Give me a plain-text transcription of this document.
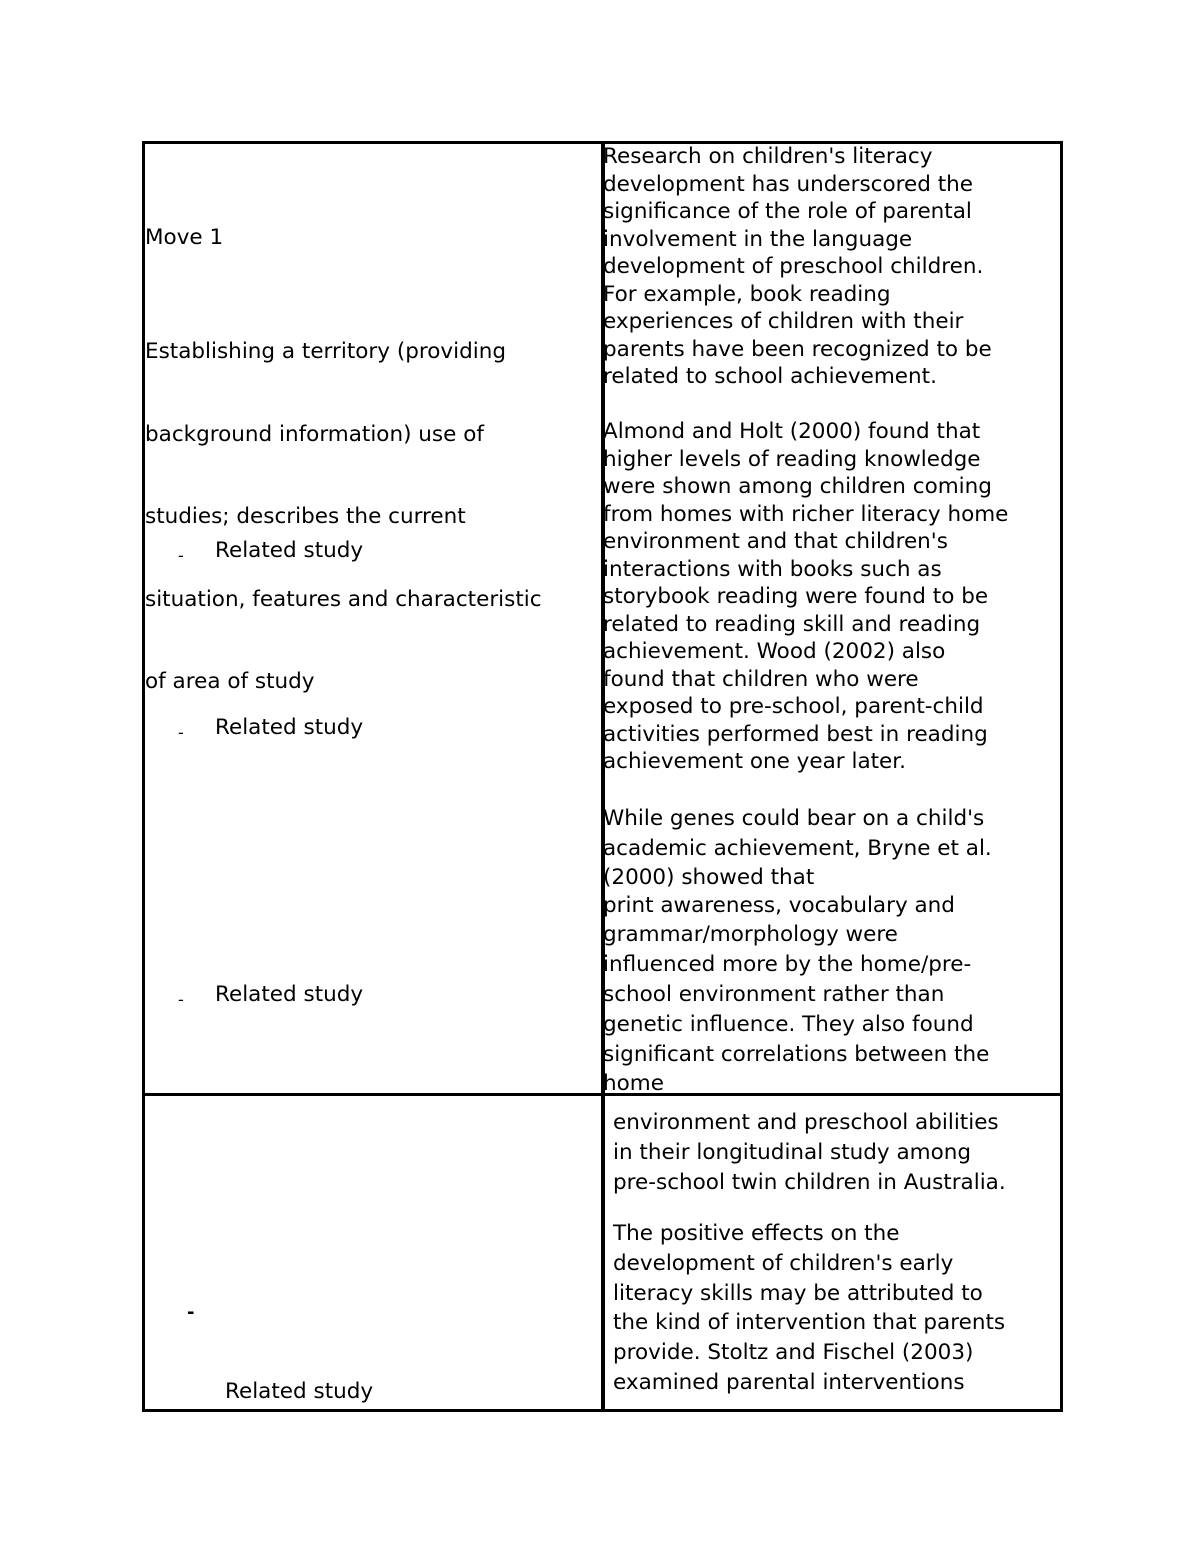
Move 1

Establishing a territory (providing

background information) use of

studies; describes the current

situation, features and characteristic

of area of study

- Related study
- Related study
- Related study
-
Related study

Research on children's literacy

development has underscored the

significance of the role of parental

involvement in the language

development of preschool children.

For example, book reading

experiences of children with their

parents have been recognized to be

related to school achievement.

Almond and Holt (2000) found that

higher levels of reading knowledge

were shown among children coming

from homes with richer literacy home

environment and that children's

interactions with books such as

storybook reading were found to be

related to reading skill and reading

achievement. Wood (2002) also

found that children who were

exposed to pre-school, parent-child

activities performed best in reading

achievement one year later.

While genes could bear on a child's

academic achievement, Bryne et al.

(2000) showed that

print awareness, vocabulary and

grammar/morphology were

influenced more by the home/pre-

school environment rather than

genetic influence. They also found

significant correlations between the

home

environment and preschool abilities

in their longitudinal study among

pre-school twin children in Australia.

The positive effects on the

development of children's early

literacy skills may be attributed to

the kind of intervention that parents

provide. Stoltz and Fischel (2003)

examined parental interventions
